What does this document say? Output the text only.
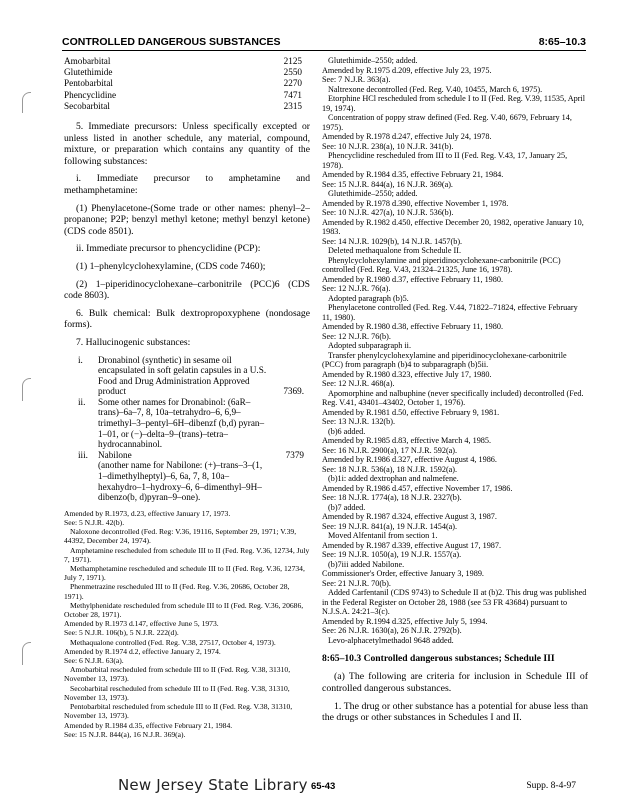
CONTROLLED DANGEROUS SUBSTANCES	8:65–10.3
Amobarbital	2125
Glutethimide	2550
Pentobarbital	2270
Phencyclidine	7471
Secobarbital	2315

5. Immediate precursors: Unless specifically excepted or unless listed in another schedule, any material, compound, mixture, or preparation which contains any quantity of the following substances:

i. Immediate precursor to amphetamine and methamphetamine:

(1) Phenylacetone-(Some trade or other names: phenyl–2–propanone; P2P; benzyl methyl ketone; methyl benzyl ketone) (CDS code 8501).

ii. Immediate precursor to phencyclidine (PCP):

(1) 1–phenylcyclohexylamine, (CDS code 7460);

(2) 1–piperidinocyclohexane–carbonitrile (PCC)6 (CDS code 8603).

6. Bulk chemical: Bulk dextropropoxyphene (nondosage forms).

7. Hallucinogenic substances:

i. Dronabinol (synthetic) in sesame oil encapsulated in soft gelatin capsules in a U.S. Food and Drug Administration Approved product	7369.
ii. Some other names for Dronabinol: (6aR–trans)–6a–7, 8, 10a–tetrahydro–6, 6,9–trimethyl–3–pentyl–6H–dibenzf (b,d) pyran–1–01, or (−)–delta–9–(trans)–tetra–hydrocannabinol.
iii. Nabilone	7379
(another name for Nabilone: (+)–trans–3–(1, 1–dimethylheptyl)–6, 6a, 7, 8, 10a–hexahydro–1–hydroxy–6, 6–dimenthyl–9H–dibenzo(b, d)pyran–9–one).

Amended by R.1973, d.23, effective January 17, 1973.

See: 5 N.J.R. 42(b).

Naloxone decontrolled (Fed. Reg: V.36, 19116, September 29, 1971; V.39, 44392, December 24, 1974).

Amphetamine rescheduled from schedule III to II (Fed. Reg. V.36, 12734, July 7, 1971).

Methamphetamine rescheduled and schedule III to II (Fed. Reg. V.36, 12734, July 7, 1971).

Phenmetrazine rescheduled III to II (Fed. Reg. V.36, 20686, October 28, 1971).

Methylphenidate rescheduled from schedule III to II (Fed. Reg. V.36, 20686, October 28, 1971).

Amended by R.1973 d.147, effective June 5, 1973.

See: 5 N.J.R. 106(b), 5 N.J.R. 222(d).

Methaqualone controlled (Fed. Reg. V.38, 27517, October 4, 1973).

Amended by R.1974 d.2, effective January 2, 1974.

See: 6 N.J.R. 63(a).

Amobarbital rescheduled from schedule III to II (Fed. Reg. V.38, 31310, November 13, 1973).

Secobarbital rescheduled from schedule III to II (Fed. Reg. V.38, 31310, November 13, 1973).

Pentobarbital rescheduled from schedule III to II (Fed. Reg. V.38, 31310, November 13, 1973).

Amended by R.1984 d.35, effective February 21, 1984.

See: 15 N.J.R. 844(a), 16 N.J.R. 369(a).

Glutethimide–2550; added.

Amended by R.1975 d.209, effective July 23, 1975.

See: 7 N.J.R. 363(a).

Naltrexone decontrolled (Fed. Reg. V.40, 10455, March 6, 1975).

Etorphine HCl rescheduled from schedule I to II (Fed. Reg. V.39, 11535, April 19, 1974).

Concentration of poppy straw defined (Fed. Reg. V.40, 6679, February 14, 1975).

Amended by R.1978 d.247, effective July 24, 1978.

See: 10 N.J.R. 238(a), 10 N.J.R. 341(b).

Phencyclidine rescheduled from III to II (Fed. Reg. V.43, 17, January 25, 1978).

Amended by R.1984 d.35, effective February 21, 1984.

See: 15 N.J.R. 844(a), 16 N.J.R. 369(a).

Glutethimide–2550; added.

Amended by R.1978 d.390, effective November 1, 1978.

See: 10 N.J.R. 427(a), 10 N.J.R. 536(b).

Amended by R.1982 d.450, effective December 20, 1982, operative January 10, 1983.

See: 14 N.J.R. 1029(b), 14 N.J.R. 1457(b).

Deleted methaqualone from Schedule II.

Phenylcyclohexylamine and piperidinocyclohexane-carbonitrile (PCC) controlled (Fed. Reg. V.43, 21324–21325, June 16, 1978).

Amended by R.1980 d.37, effective February 11, 1980.

See: 12 N.J.R. 76(a).

Adopted paragraph (b)5.

Phenylacetone controlled (Fed. Reg. V.44, 71822–71824, effective February 11, 1980).

Amended by R.1980 d.38, effective February 11, 1980.

See: 12 N.J.R. 76(b).

Adopted subparagraph ii.

Transfer phenylcyclohexylamine and piperidinocyclohexane-carbonitrile (PCC) from paragraph (b)4 to subparagraph (b)5ii.

Amended by R.1980 d.323, effective July 17, 1980.

See: 12 N.J.R. 468(a).

Apomorphine and nalbuphine (never specifically included) decontrolled (Fed. Reg. V.41, 43401–43402, October 1, 1976).

Amended by R.1981 d.50, effective February 9, 1981.

See: 13 N.J.R. 132(b).

(b)6 added.

Amended by R.1985 d.83, effective March 4, 1985.

See: 16 N.J.R. 2900(a), 17 N.J.R. 592(a).

Amended by R.1986 d.327, effective August 4, 1986.

See: 18 N.J.R. 536(a), 18 N.J.R. 1592(a).

(b)1i: added dextrophan and nalmefene.

Amended by R.1986 d.457, effective November 17, 1986.

See: 18 N.J.R. 1774(a), 18 N.J.R. 2327(b).

(b)7 added.

Amended by R.1987 d.324, effective August 3, 1987.

See: 19 N.J.R. 841(a), 19 N.J.R. 1454(a).

Moved Alfentanil from section 1.

Amended by R.1987 d.339, effective August 17, 1987.

See: 19 N.J.R. 1050(a), 19 N.J.R. 1557(a).

(b)7iii added Nabilone.

Commissioner's Order, effective January 3, 1989.

See: 21 N.J.R. 70(b).

Added Carfentanil (CDS 9743) to Schedule II at (b)2. This drug was published in the Federal Register on October 28, 1988 (see 53 FR 43684) pursuant to N.J.S.A. 24:21–3(c).

Amended by R.1994 d.325, effective July 5, 1994.

See: 26 N.J.R. 1630(a), 26 N.J.R. 2792(b).

Levo-alphacetylmethadol 9648 added.

8:65–10.3 Controlled dangerous substances; Schedule III

(a) The following are criteria for inclusion in Schedule III of controlled dangerous substances.

1. The drug or other substance has a potential for abuse less than the drugs or other substances in Schedules I and II.

New Jersey State Library 65-43	Supp. 8-4-97
